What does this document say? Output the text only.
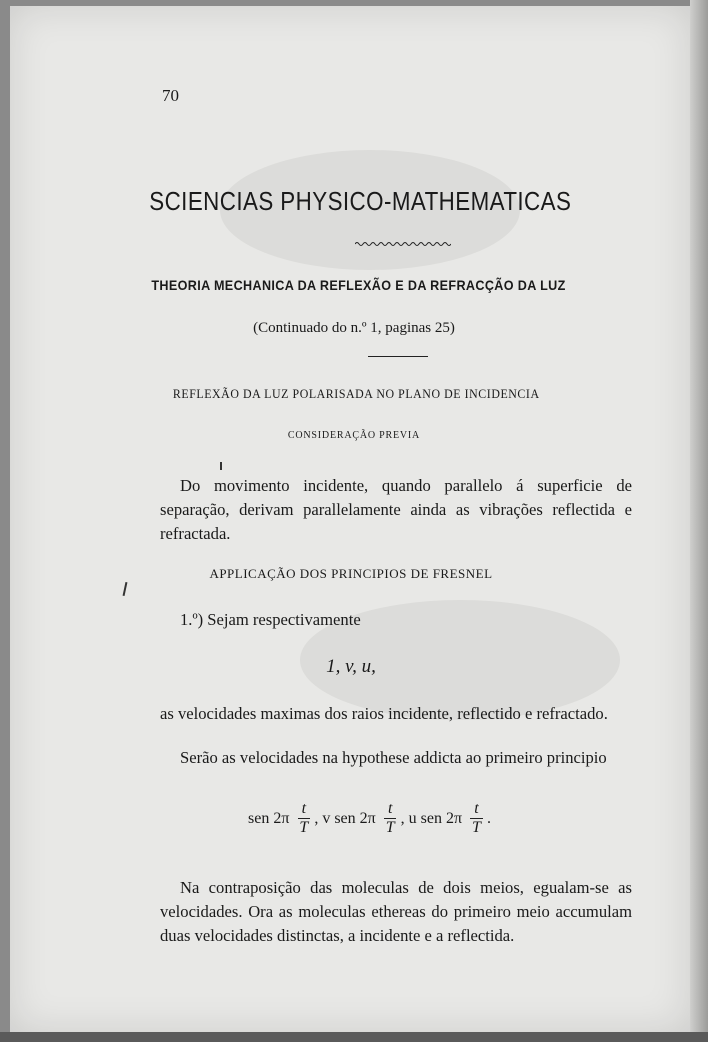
70
SCIENCIAS PHYSICO-MATHEMATICAS
THEORIA MECHANICA DA REFLEXÃO E DA REFRACÇÃO DA LUZ
(Continuado do n.º 1, paginas 25)
REFLEXÃO DA LUZ POLARISADA NO PLANO DE INCIDENCIA
CONSIDERAÇÃO PREVIA
Do movimento incidente, quando parallelo á superficie de separação, derivam parallelamente ainda as vibrações reflectida e refractada.
APPLICAÇÃO DOS PRINCIPIOS DE FRESNEL
1.º) Sejam respectivamente
1, v, u,
as velocidades maximas dos raios incidente, reflectido e refractado.
Serão as velocidades na hypothese addicta ao primeiro principio
sen $2\pi \frac{t}{T}$ , v sen $2\pi \frac{t}{T}$ , u sen $2\pi \frac{t}{T}$ .
Na contraposição das moleculas de dois meios, egualam-se as velocidades. Ora as moleculas ethereas do primeiro meio accumulam duas velocidades distinctas, a incidente e a reflectida.
